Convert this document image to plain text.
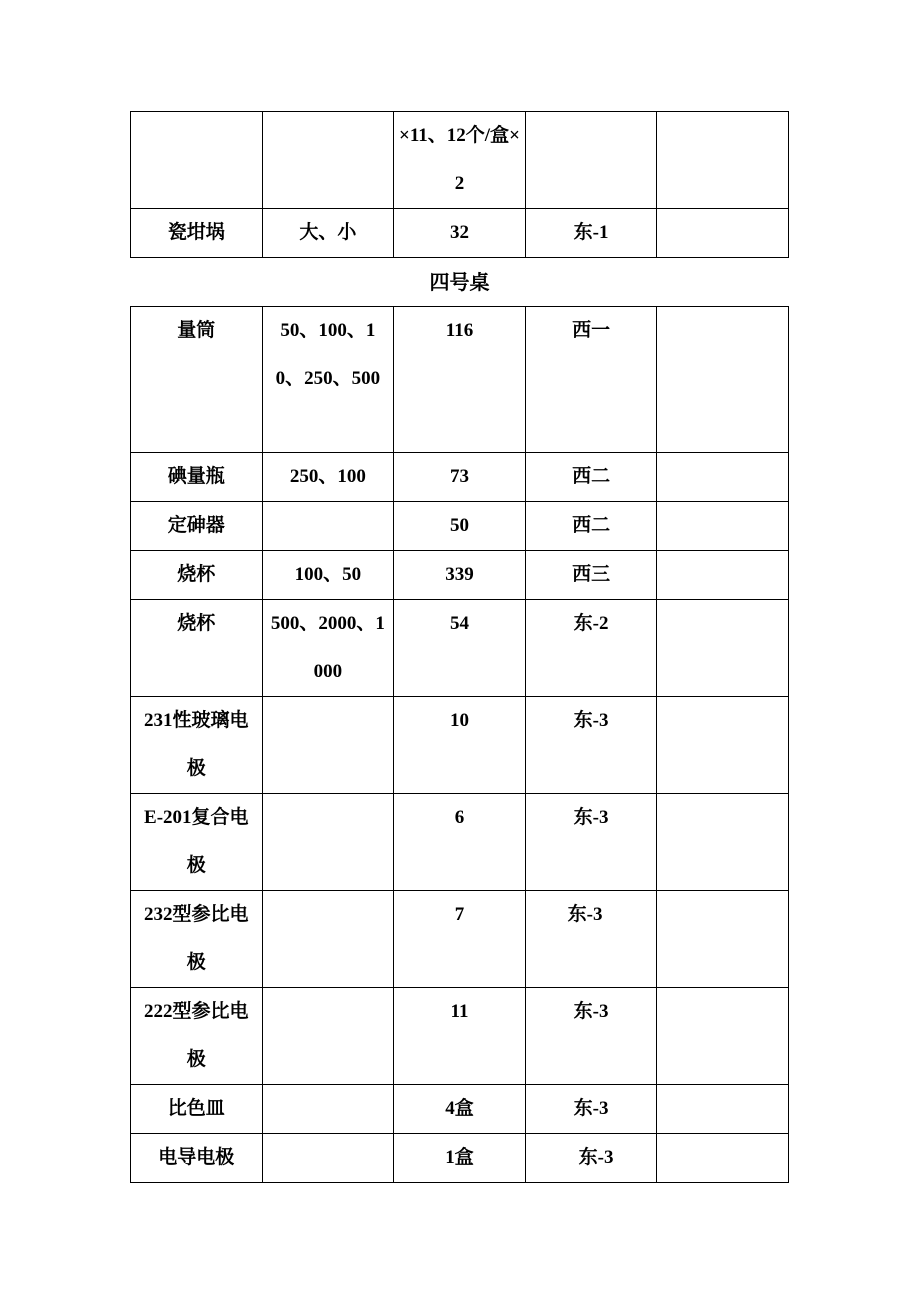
		×11、12个/盒×2		
瓷坩埚	大、小	32	东-1	
四号桌
量筒	50、100、10、250、500	116	西一	
碘量瓶	250、100	73	西二	
定砷器		50	西二	
烧杯	100、50	339	西三	
烧杯	500、2000、1000	54	东-2	
231性玻璃电极		10	东-3	
E-201复合电极		6	东-3	
232型参比电极		7	东-3	
222型参比电极		11	东-3	
比色皿		4盒	东-3	
电导电极		1盒	东-3	
